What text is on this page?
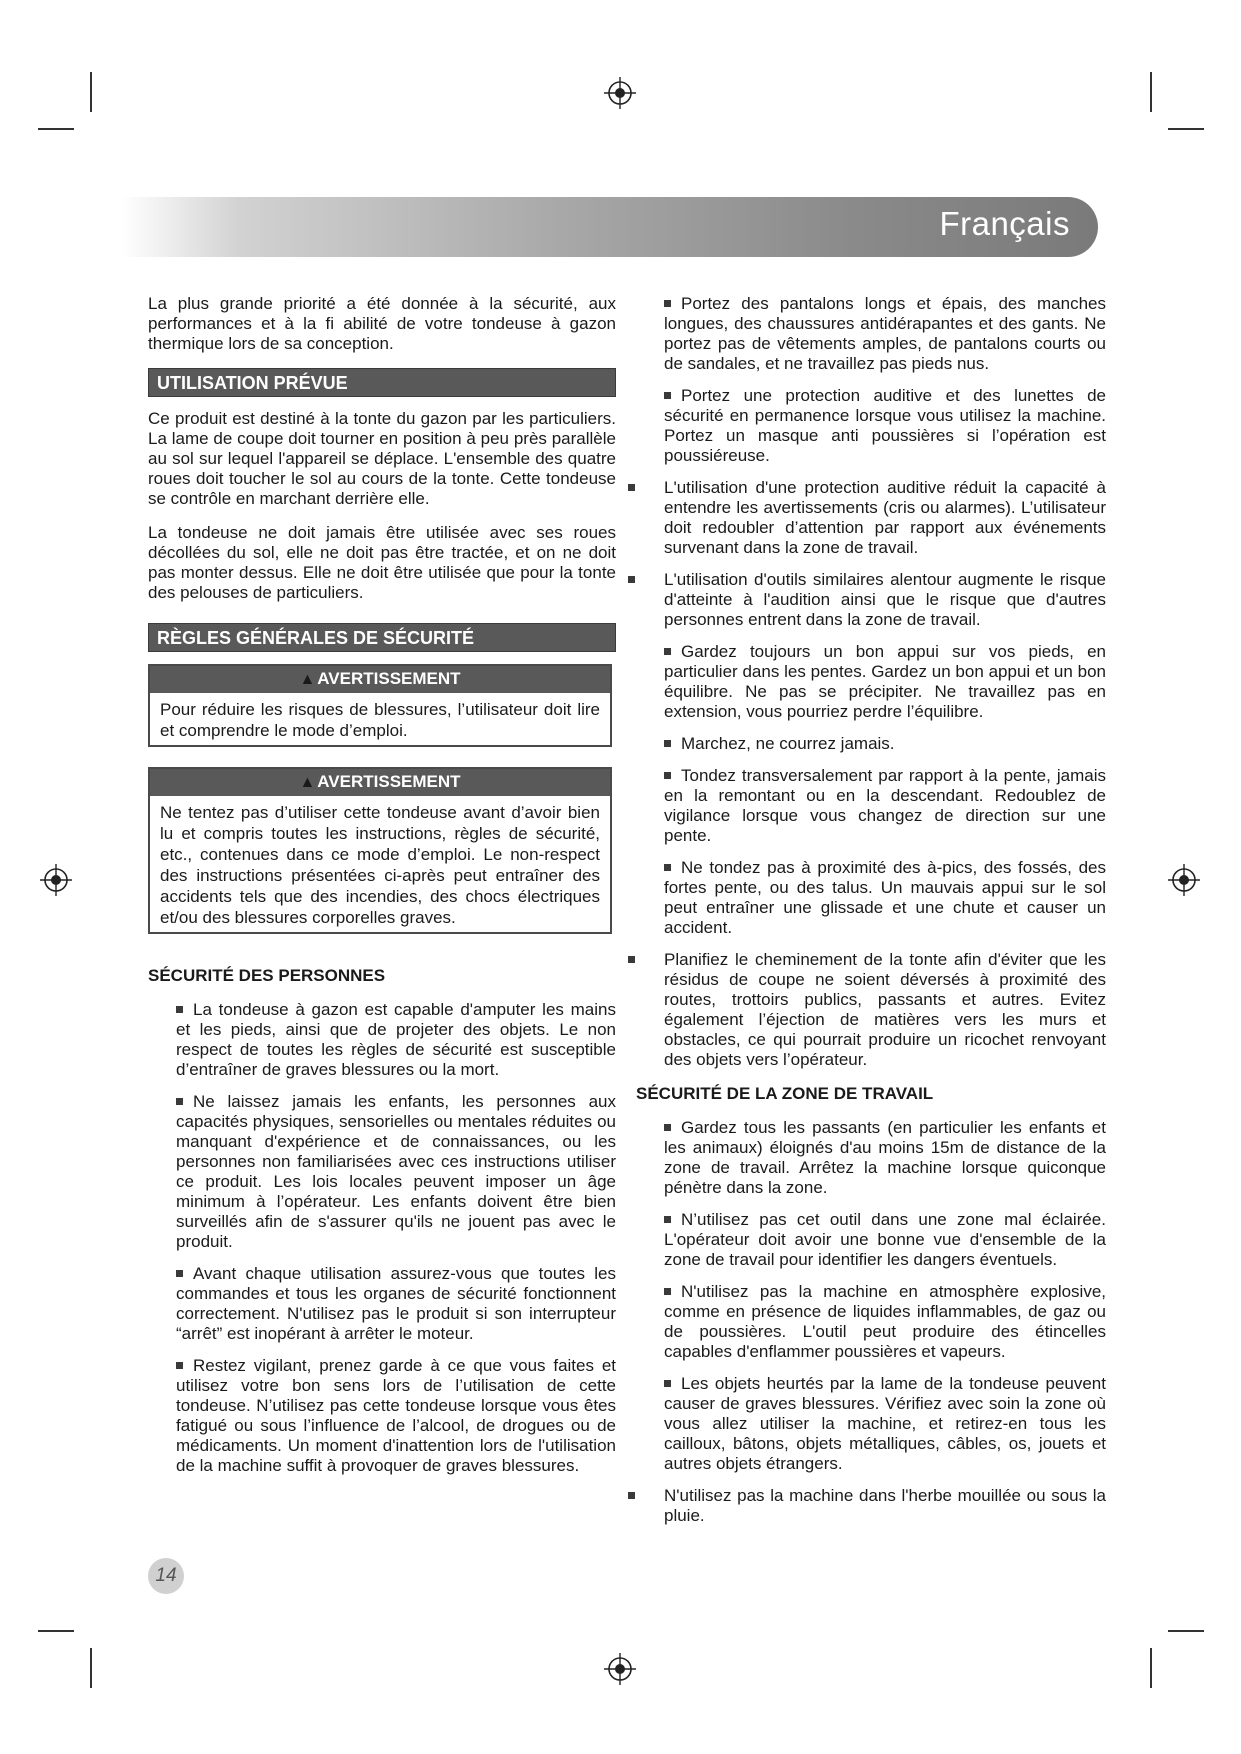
Français

La plus grande priorité a été donnée à la sécurité, aux performances et à la fi abilité de votre tondeuse à gazon thermique lors de sa conception.

UTILISATION PRÉVUE

Ce produit est destiné à la tonte du gazon par les particuliers. La lame de coupe doit tourner en position à peu près parallèle au sol sur lequel l'appareil se déplace. L'ensemble des quatre roues doit toucher le sol au cours de la tonte. Cette tondeuse se contrôle en marchant derrière elle.

La tondeuse ne doit jamais être utilisée avec ses roues décollées du sol, elle ne doit pas être tractée, et on ne doit pas monter dessus. Elle ne doit être utilisée que pour la tonte des pelouses de particuliers.

RÈGLES GÉNÉRALES DE SÉCURITÉ
▲ AVERTISSEMENT
Pour réduire les risques de blessures, l’utilisateur doit lire et comprendre le mode d’emploi.
▲ AVERTISSEMENT
Ne tentez pas d’utiliser cette tondeuse avant d’avoir bien lu et compris toutes les instructions, règles de sécurité, etc., contenues dans ce mode d’emploi. Le non-respect des instructions présentées ci-après peut entraîner des accidents tels que des incendies, des chocs électriques et/ou des blessures corporelles graves.
SÉCURITÉ DES PERSONNES
La tondeuse à gazon est capable d'amputer les mains et les pieds, ainsi que de projeter des objets. Le non respect de toutes les règles de sécurité est susceptible d’entraîner de graves blessures ou la mort.
Ne laissez jamais les enfants, les personnes aux capacités physiques, sensorielles ou mentales réduites ou manquant d'expérience et de connaissances, ou les personnes non familiarisées avec ces instructions utiliser ce produit. Les lois locales peuvent imposer un âge minimum à l’opérateur. Les enfants doivent être bien surveillés afin de s'assurer qu'ils ne jouent pas avec le produit.
Avant chaque utilisation assurez-vous que toutes les commandes et tous les organes de sécurité fonctionnent correctement. N'utilisez pas le produit si son interrupteur “arrêt” est inopérant à arrêter le moteur.
Restez vigilant, prenez garde à ce que vous faites et utilisez votre bon sens lors de l’utilisation de cette tondeuse. N’utilisez pas cette tondeuse lorsque vous êtes fatigué ou sous l’influence de l’alcool, de drogues ou de médicaments. Un moment d'inattention lors de l'utilisation de la machine suffit à provoquer de graves blessures.
Portez des pantalons longs et épais, des manches longues, des chaussures antidérapantes et des gants. Ne portez pas de vêtements amples, de pantalons courts ou de sandales, et ne travaillez pas pieds nus.
Portez une protection auditive et des lunettes de sécurité en permanence lorsque vous utilisez la machine. Portez un masque anti poussières si l’opération est poussiéreuse.
L'utilisation d'une protection auditive réduit la capacité à entendre les avertissements (cris ou alarmes). L’utilisateur doit redoubler d’attention par rapport aux événements survenant dans la zone de travail.
L'utilisation d'outils similaires alentour augmente le risque d'atteinte à l'audition ainsi que le risque que d'autres personnes entrent dans la zone de travail.
Gardez toujours un bon appui sur vos pieds, en particulier dans les pentes. Gardez un bon appui et un bon équilibre. Ne pas se précipiter. Ne travaillez pas en extension, vous pourriez perdre l’équilibre.
Marchez, ne courrez jamais.
Tondez transversalement par rapport à la pente, jamais en la remontant ou en la descendant. Redoublez de vigilance lorsque vous changez de direction sur une pente.
Ne tondez pas à proximité des à-pics, des fossés, des fortes pente, ou des talus. Un mauvais appui sur le sol peut entraîner une glissade et une chute et causer un accident.
Planifiez le cheminement de la tonte afin d'éviter que les résidus de coupe ne soient déversés à proximité des routes, trottoirs publics, passants et autres. Evitez également l’éjection de matières vers les murs et obstacles, ce qui pourrait produire un ricochet renvoyant des objets vers l’opérateur.
SÉCURITÉ DE LA ZONE DE TRAVAIL
Gardez tous les passants (en particulier les enfants et les animaux) éloignés d'au moins 15m de distance de la zone de travail. Arrêtez la machine lorsque quiconque pénètre dans la zone.
N’utilisez pas cet outil dans une zone mal éclairée. L'opérateur doit avoir une bonne vue d'ensemble de la zone de travail pour identifier les dangers éventuels.
N'utilisez pas la machine en atmosphère explosive, comme en présence de liquides inflammables, de gaz ou de poussières. L'outil peut produire des étincelles capables d'enflammer poussières et vapeurs.
Les objets heurtés par la lame de la tondeuse peuvent causer de graves blessures. Vérifiez avec soin la zone où vous allez utiliser la machine, et retirez-en tous les cailloux, bâtons, objets métalliques, câbles, os, jouets et autres objets étrangers.
N'utilisez pas la machine dans l'herbe mouillée ou sous la pluie.
14
